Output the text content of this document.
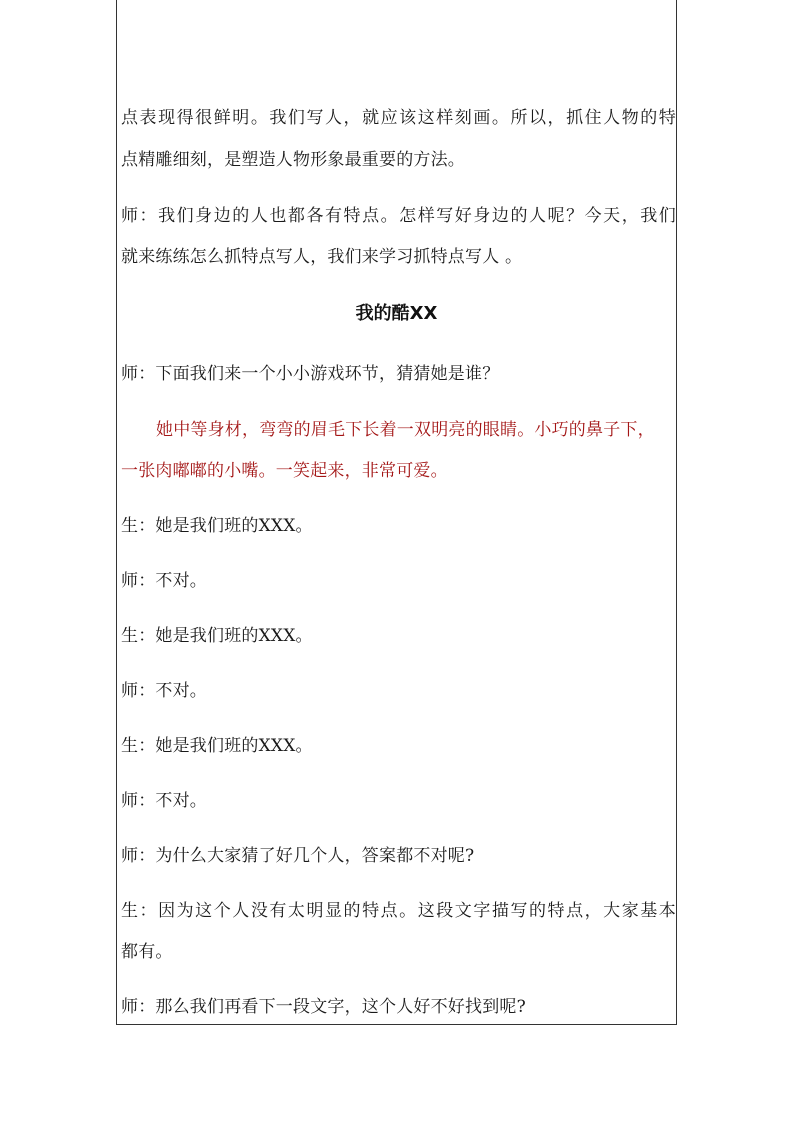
点表现得很鲜明。我们写人，就应该这样刻画。所以，抓住人物的特
点精雕细刻，是塑造人物形象最重要的方法。
师：我们身边的人也都各有特点。怎样写好身边的人呢？今天，我们
就来练练怎么抓特点写人，我们来学习抓特点写人 。
我的酷XX
师：下面我们来一个小小游戏环节，猜猜她是谁？
她中等身材，弯弯的眉毛下长着一双明亮的眼睛。小巧的鼻子下，
一张肉嘟嘟的小嘴。一笑起来，非常可爱。
生：她是我们班的XXX。
师：不对。
生：她是我们班的XXX。
师：不对。
生：她是我们班的XXX。
师：不对。
师：为什么大家猜了好几个人，答案都不对呢?
生：因为这个人没有太明显的特点。这段文字描写的特点，大家基本
都有。
师：那么我们再看下一段文字，这个人好不好找到呢?
